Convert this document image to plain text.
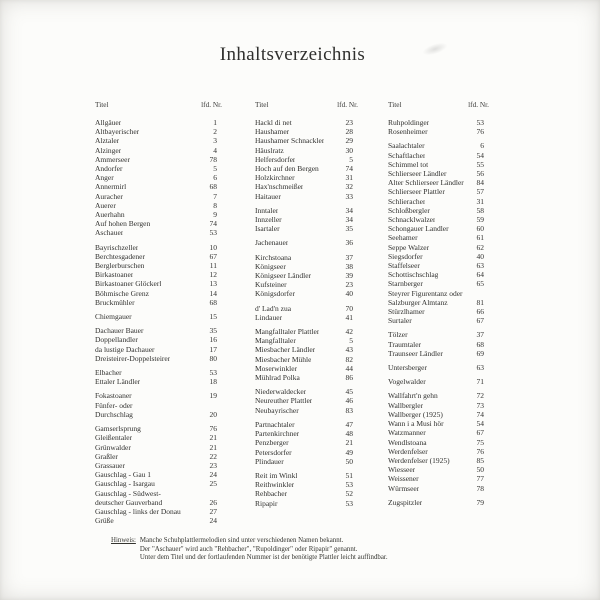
Inhaltsverzeichnis
Titel	lfd. Nr.
Allgäuer	1
Altbayerischer	2
Alztaler	3
Alzinger	4
Ammerseer	78
Andorfer	5
Anger	6
Annermirl	68
Auracher	7
Auerer	8
Auerhahn	9
Auf hohen Bergen	74
Aschauer	53
Bayrischzeller	10
Berchtesgadener	67
Berglerburschen	11
Birkastoaner	12
Birkastoaner Glöckerl	13
Böhmische Grenz	14
Bruckmühler	68
Chiemgauer	15
Dachauer Bauer	35
Doppellandler	16
da lustige Dachauer	17
Dreisteirer-Doppelsteirer	80
Elbacher	53
Ettaler Ländler	18
Fokastoaner	19
Fünfer- oder
Durchschlag	20
Gamserlsprung	76
Gleißentaler	21
Grünwalder	21
Graßler	22
Grassauer	23
Gauschlag - Gau 1	24
Gauschlag - Isargau	25
Gauschlag - Südwest-
deutscher Gauverband	26
Gauschlag - links der Donau	27
Grüße	24
Titel	lfd. Nr.
Hackl di net	23
Haushamer	28
Haushamer Schnackler	29
Häuslratz	30
Helfersdorfer	5
Hoch auf den Bergen	74
Holzkirchner	31
Hax'nschmeißer	32
Haitauer	33
Inntaler	34
Innzeller	34
Isartaler	35
Jachenauer	36
Kirchstoana	37
Königseer	38
Königseer Ländler	39
Kufsteiner	23
Königsdorfer	40
d' Lad'n zua	70
Lindauer	41
Mangfalltaler Plattler	42
Mangfalltaler	5
Miesbacher Ländler	43
Miesbacher Mühle	82
Moserwinkler	44
Mühlrad Polka	86
Niederwaldecker	45
Neureuther Plattler	46
Neubayrischer	83
Partnachtaler	47
Partenkirchner	48
Penzberger	21
Petersdorfer	49
Plindauer	50
Reit im Winkl	51
Reithwinkler	53
Rehbacher	52
Ripapir	53
Titel	lfd. Nr.
Ruhpoldinger	53
Rosenheimer	76
Saalachtaler	6
Schaftlacher	54
Schimmel tot	55
Schlierseer Ländler	56
Alter Schlierseer Ländler	84
Schlierseer Plattler	57
Schlieracher	31
Schloßbergler	58
Schnacklwalzer	59
Schongauer Landler	60
Seehamer	61
Seppe Walzer	62
Siegsdorfer	40
Staffelseer	63
Schottischschlag	64
Starnberger	65
Steyrer Figurentanz oder
Salzburger Almtanz	81
Stürzlhamer	66
Surtaler	67
Tölzer	37
Traumtaler	68
Traunseer Ländler	69
Untersberger	63
Vogelwalder	71
Wallfahrt'n gehn	72
Wallbergler	73
Wallberger (1925)	74
Wann i a Musi hör	54
Watzmanner	67
Wendlstoana	75
Werdenfelser	76
Werdenfelser (1925)	85
Wiesseer	50
Weissener	77
Würmseer	78
Zugspitzler	79
Hinweis: Manche Schuhplattlermelodien sind unter verschiedenen Namen bekannt.
Der "Aschauer" wird auch "Rehbacher", "Rupoldinger" oder Ripapir" genannt.
Unter dem Titel und der fortlaufenden Nummer ist der benötigte Plattler leicht auffindbar.
